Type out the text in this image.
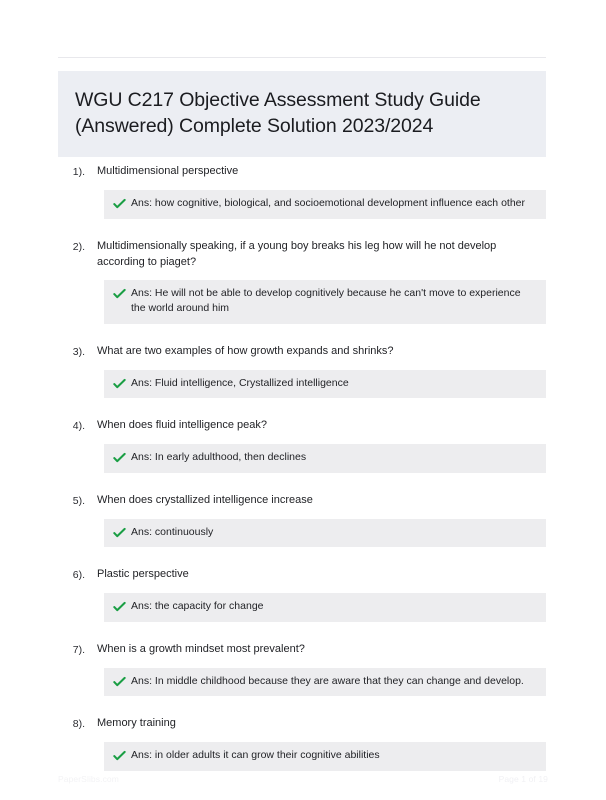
WGU C217 Objective Assessment Study Guide (Answered) Complete Solution 2023/2024
1).	Multidimensional perspective
Ans: how cognitive, biological, and socioemotional development influence each other
2).	Multidimensionally speaking, if a young boy breaks his leg how will he not develop according to piaget?
Ans: He will not be able to develop cognitively because he can't move to experience the world around him
3).	What are two examples of how growth expands and shrinks?
Ans: Fluid intelligence, Crystallized intelligence
4).	When does fluid intelligence peak?
Ans: In early adulthood, then declines
5).	When does crystallized intelligence increase
Ans: continuously
6).	Plastic perspective
Ans: the capacity for change
7).	When is a growth mindset most prevalent?
Ans: In middle childhood because they are aware that they can change and develop.
8).	Memory training
Ans: in older adults it can grow their cognitive abilities
PaperSlibs.com	Page 1 of 19
